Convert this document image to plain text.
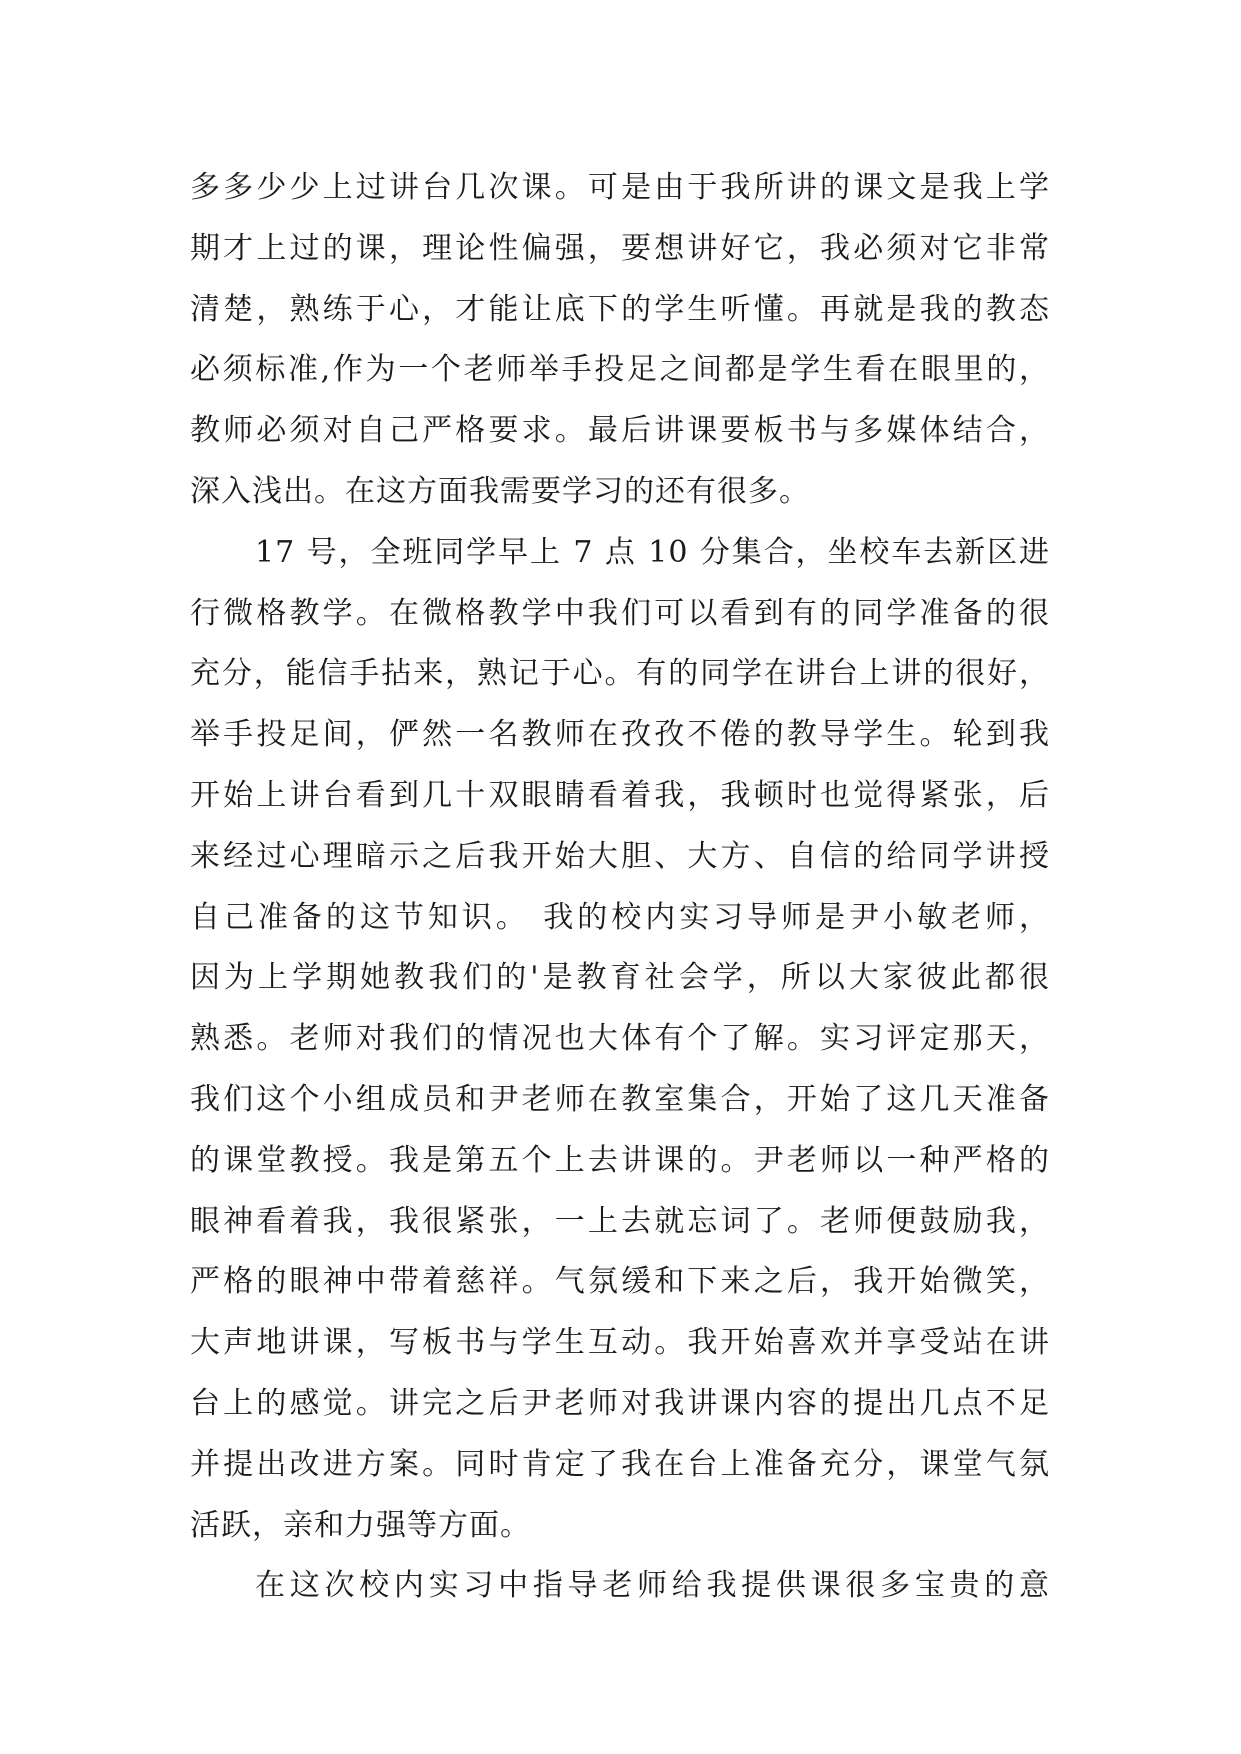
多多少少上过讲台几次课。可是由于我所讲的课文是我上学
期才上过的课，理论性偏强，要想讲好它，我必须对它非常
清楚，熟练于心，才能让底下的学生听懂。再就是我的教态
必须标准,作为一个老师举手投足之间都是学生看在眼里的，
教师必须对自己严格要求。最后讲课要板书与多媒体结合，
深入浅出。在这方面我需要学习的还有很多。
17 号，全班同学早上 7 点 10 分集合，坐校车去新区进
行微格教学。在微格教学中我们可以看到有的同学准备的很
充分，能信手拈来，熟记于心。有的同学在讲台上讲的很好，
举手投足间，俨然一名教师在孜孜不倦的教导学生。轮到我
开始上讲台看到几十双眼睛看着我，我顿时也觉得紧张，后
来经过心理暗示之后我开始大胆、大方、自信的给同学讲授
自己准备的这节知识。 我的校内实习导师是尹小敏老师，
因为上学期她教我们的'是教育社会学，所以大家彼此都很
熟悉。老师对我们的情况也大体有个了解。实习评定那天，
我们这个小组成员和尹老师在教室集合，开始了这几天准备
的课堂教授。我是第五个上去讲课的。尹老师以一种严格的
眼神看着我，我很紧张，一上去就忘词了。老师便鼓励我，
严格的眼神中带着慈祥。气氛缓和下来之后，我开始微笑，
大声地讲课，写板书与学生互动。我开始喜欢并享受站在讲
台上的感觉。讲完之后尹老师对我讲课内容的提出几点不足
并提出改进方案。同时肯定了我在台上准备充分，课堂气氛
活跃，亲和力强等方面。
在这次校内实习中指导老师给我提供课很多宝贵的意
